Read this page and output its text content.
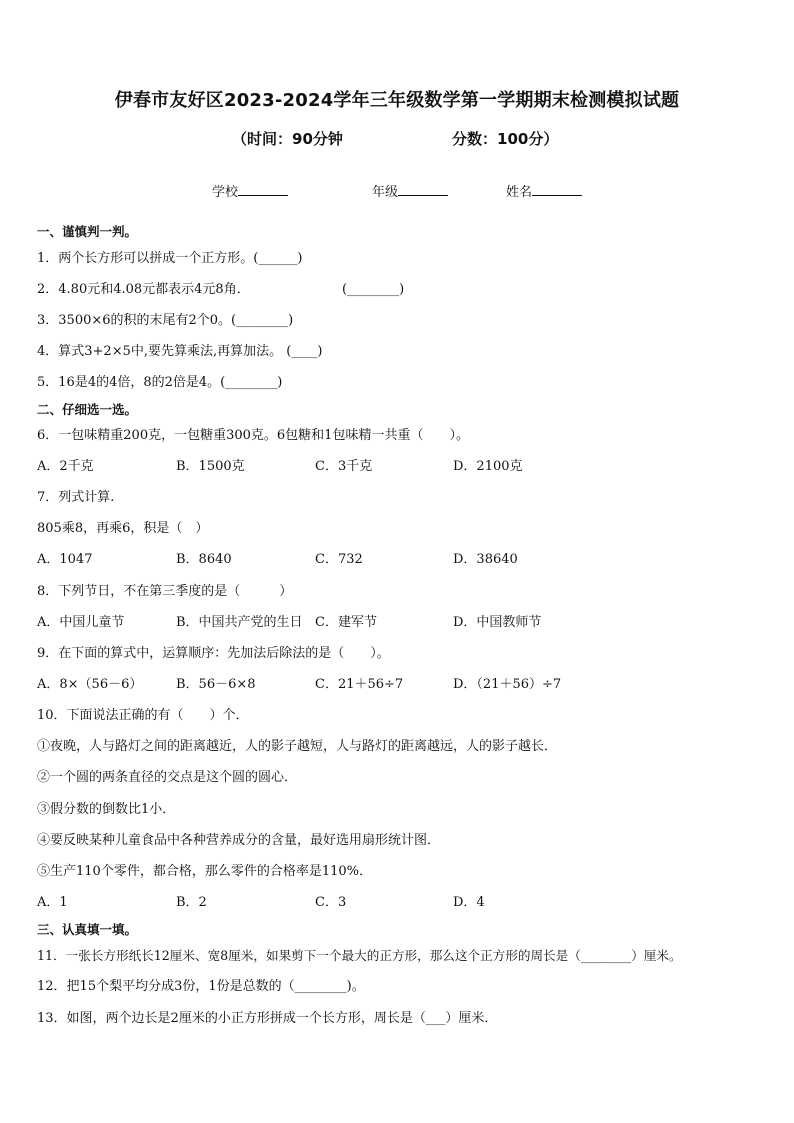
伊春市友好区2023-2024学年三年级数学第一学期期末检测模拟试题
（时间：90分钟	分数：100分）
学校	年级	姓名
一、谨慎判一判。
1．两个长方形可以拼成一个正方形。(______)
2．4.80元和4.08元都表示4元8角．	(________)
3．3500×6的积的末尾有2个0。(________)
4．算式3+2×5中,要先算乘法,再算加法。 (____)
5．16是4的4倍，8的2倍是4。(________)
二、仔细选一选。
6．一包味精重200克，一包糖重300克。6包糖和1包味精一共重（　　）。
A．2千克	B．1500克	C．3千克	D．2100克
7．列式计算.
805乘8，再乘6，积是（　）
A．1047	B．8640	C．732	D．38640
8．下列节日，不在第三季度的是（　　　）
A．中国儿童节	B．中国共产党的生日 C．建军节	D．中国教师节
9．在下面的算式中，运算顺序：先加法后除法的是（　　）。
A．8×（56－6）	B．56－6×8	C．21＋56÷7	D．（21＋56）÷7
10．下面说法正确的有（　　）个．
①夜晚，人与路灯之间的距离越近，人的影子越短，人与路灯的距离越远，人的影子越长．
②一个圆的两条直径的交点是这个圆的圆心．
③假分数的倒数比1小．
④要反映某种儿童食品中各种营养成分的含量，最好选用扇形统计图．
⑤生产110个零件，都合格，那么零件的合格率是110%．
A．1	B．2	C．3	D．4
三、认真填一填。
11．一张长方形纸长12厘米、宽8厘米，如果剪下一个最大的正方形，那么这个正方形的周长是（________）厘米。
12．把15个梨平均分成3份，1份是总数的（________)。
13．如图，两个边长是2厘米的小正方形拼成一个长方形，周长是（___）厘米．
